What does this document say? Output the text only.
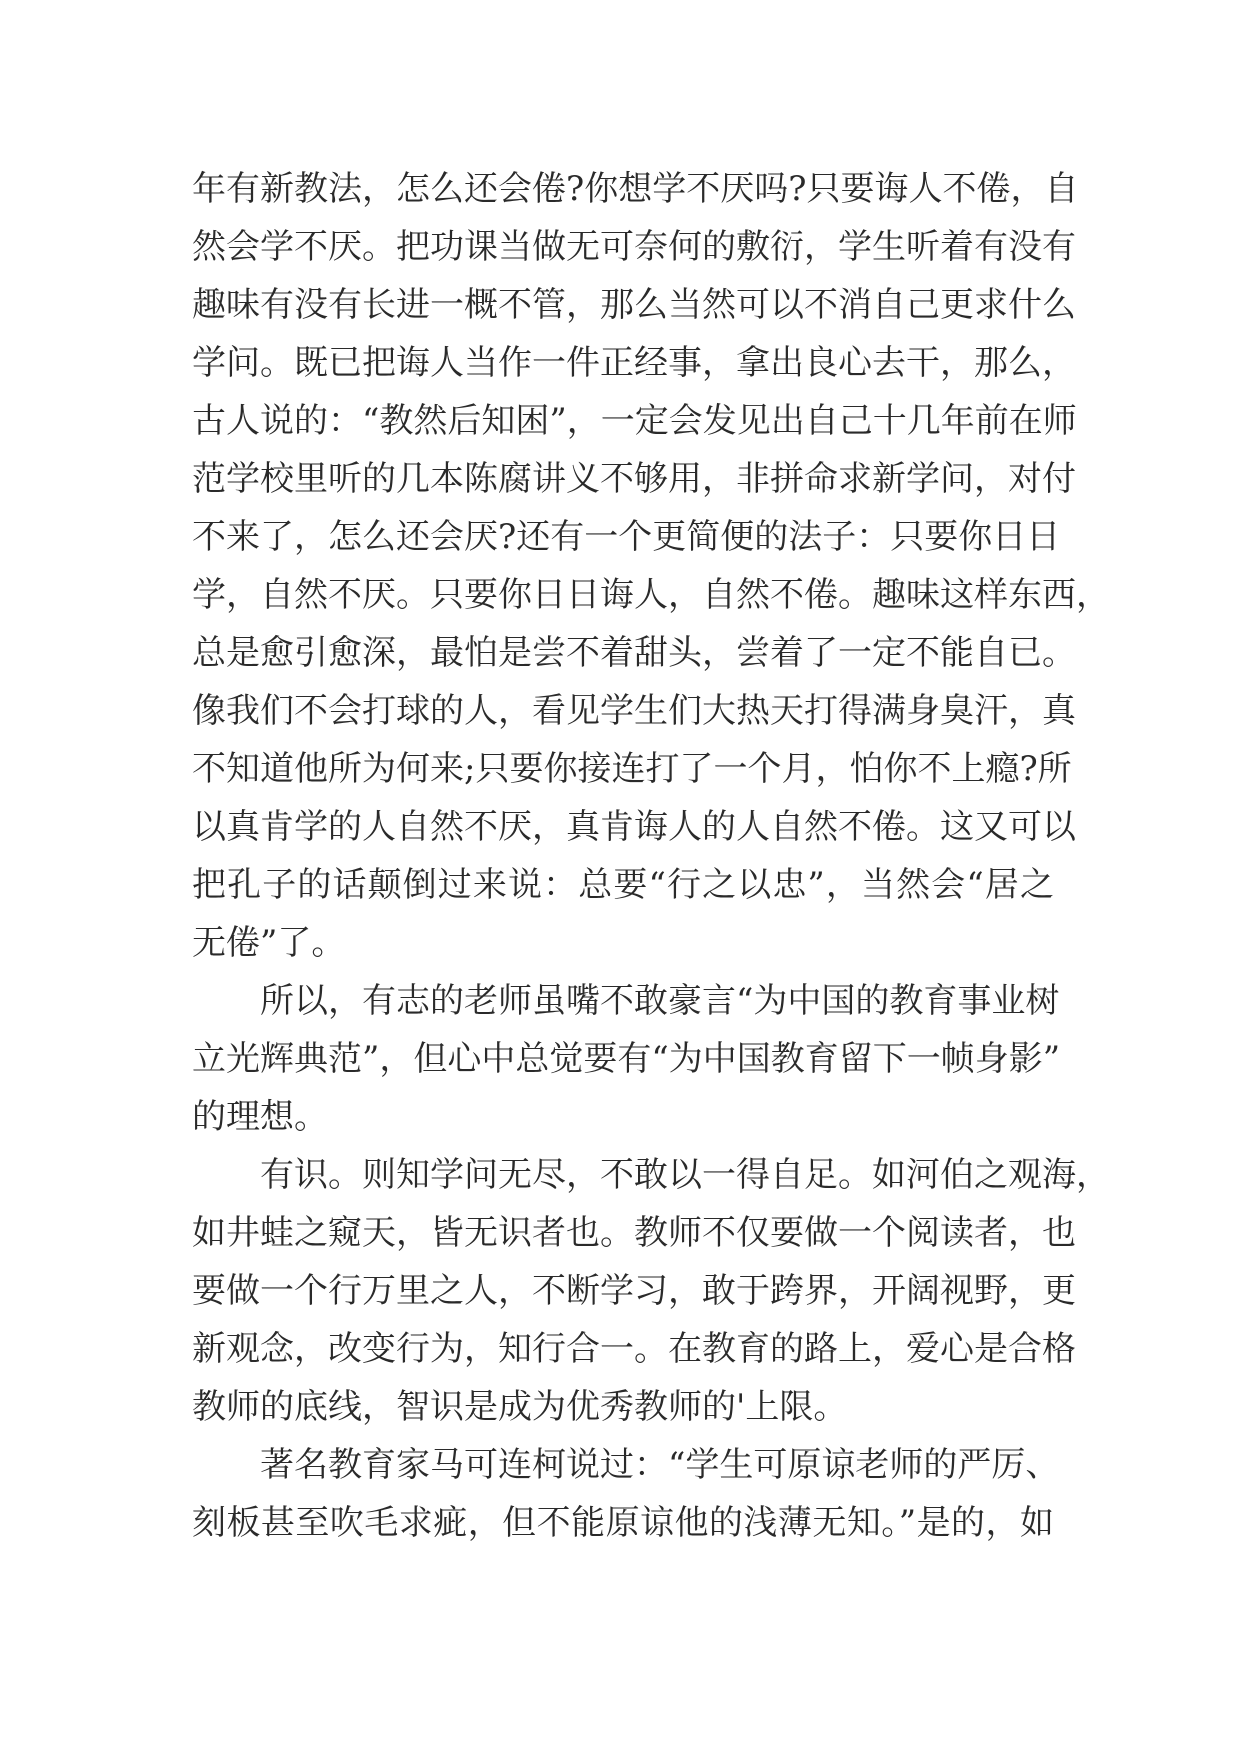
年有新教法，怎么还会倦?你想学不厌吗?只要诲人不倦，自
然会学不厌。把功课当做无可奈何的敷衍，学生听着有没有
趣味有没有长进一概不管，那么当然可以不消自己更求什么
学问。既已把诲人当作一件正经事，拿出良心去干，那么，
古人说的：“教然后知困”，一定会发见出自己十几年前在师
范学校里听的几本陈腐讲义不够用，非拼命求新学问，对付
不来了，怎么还会厌?还有一个更简便的法子：只要你日日
学，自然不厌。只要你日日诲人，自然不倦。趣味这样东西，
总是愈引愈深，最怕是尝不着甜头，尝着了一定不能自已。
像我们不会打球的人，看见学生们大热天打得满身臭汗，真
不知道他所为何来;只要你接连打了一个月，怕你不上瘾?所
以真肯学的人自然不厌，真肯诲人的人自然不倦。这又可以
把孔子的话颠倒过来说：总要“行之以忠”，当然会“居之
无倦”了。
所以，有志的老师虽嘴不敢豪言“为中国的教育事业树
立光辉典范”，但心中总觉要有“为中国教育留下一帧身影”
的理想。
有识。则知学问无尽，不敢以一得自足。如河伯之观海，
如井蛙之窥天，皆无识者也。教师不仅要做一个阅读者，也
要做一个行万里之人，不断学习，敢于跨界，开阔视野，更
新观念，改变行为，知行合一。在教育的路上，爱心是合格
教师的底线，智识是成为优秀教师的'上限。
著名教育家马可连柯说过：“学生可原谅老师的严厉、
刻板甚至吹毛求疵，但不能原谅他的浅薄无知。”是的，如
